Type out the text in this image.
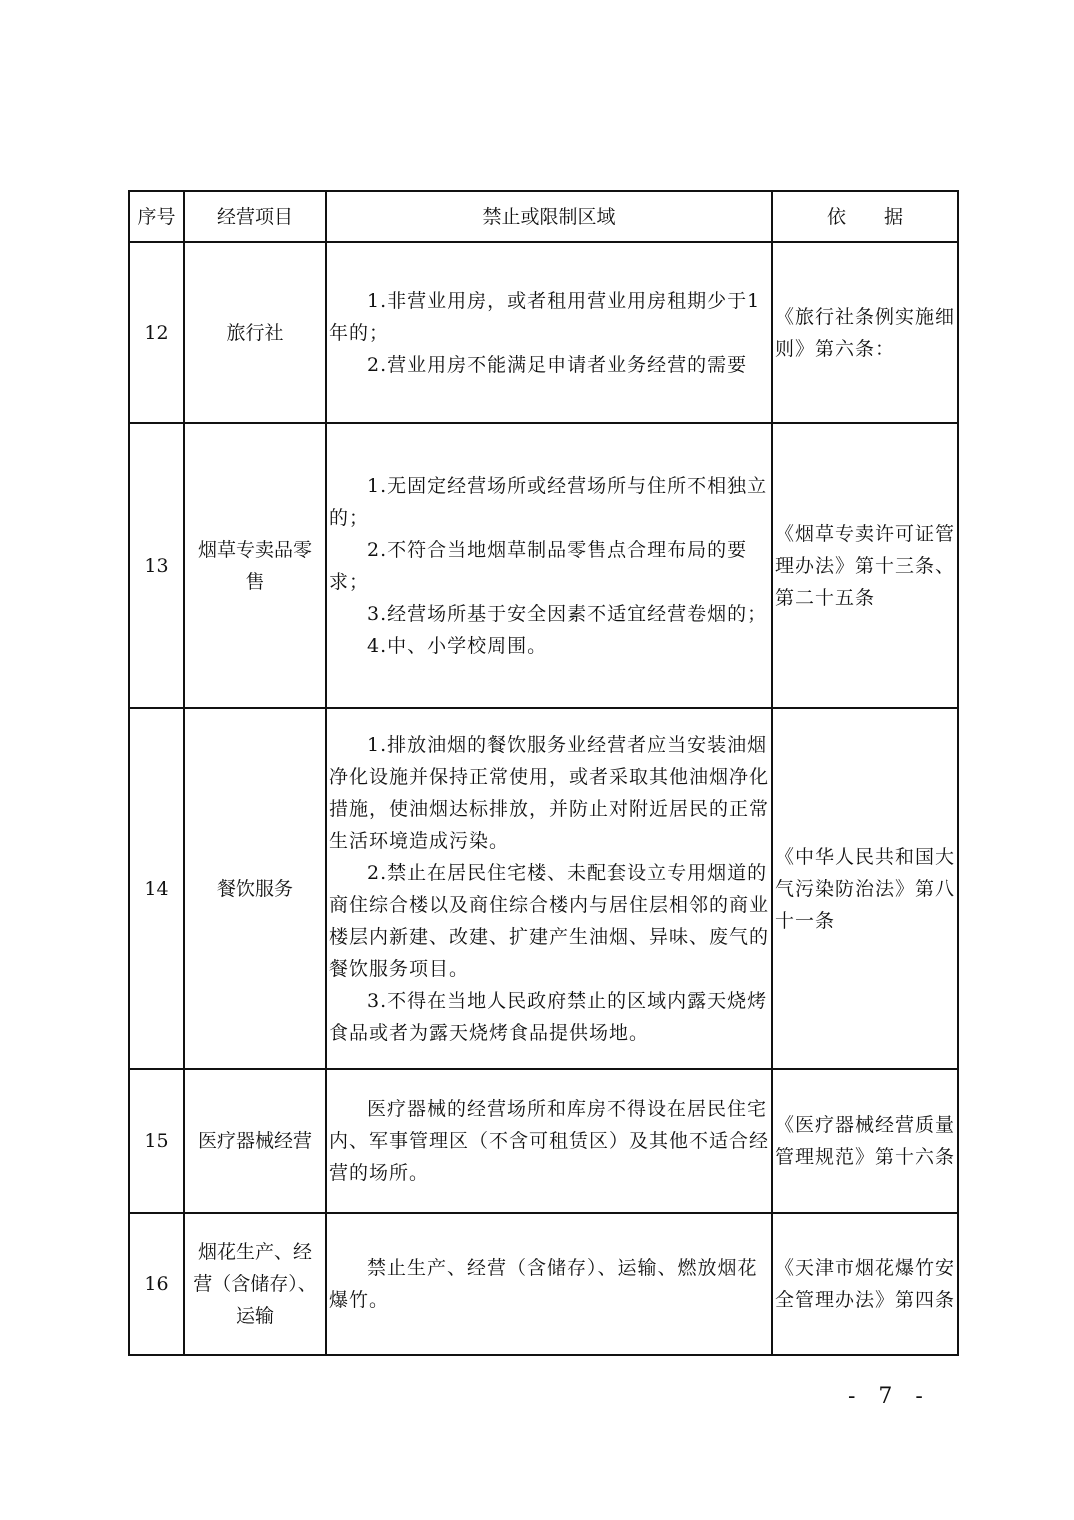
序号	经营项目	禁止或限制区域	依　　据
12	旅行社	1.非营业用房，或者租用营业用房租期少于1年的；

2.营业用房不能满足申请者业务经营的需要	《旅行社条例实施细则》第六条：
13	烟草专卖品零售	1.无固定经营场所或经营场所与住所不相独立的；

2.不符合当地烟草制品零售点合理布局的要求；

3.经营场所基于安全因素不适宜经营卷烟的；

4.中、小学校周围。	《烟草专卖许可证管理办法》第十三条、第二十五条
14	餐饮服务	1.排放油烟的餐饮服务业经营者应当安装油烟净化设施并保持正常使用，或者采取其他油烟净化措施，使油烟达标排放，并防止对附近居民的正常生活环境造成污染。

2.禁止在居民住宅楼、未配套设立专用烟道的商住综合楼以及商住综合楼内与居住层相邻的商业楼层内新建、改建、扩建产生油烟、异味、废气的餐饮服务项目。

3.不得在当地人民政府禁止的区域内露天烧烤食品或者为露天烧烤食品提供场地。	《中华人民共和国大气污染防治法》第八十一条
15	医疗器械经营	医疗器械的经营场所和库房不得设在居民住宅内、军事管理区（不含可租赁区）及其他不适合经营的场所。	《医疗器械经营质量管理规范》第十六条
16	烟花生产、经营（含储存）、运输	禁止生产、经营（含储存）、运输、燃放烟花爆竹。	《天津市烟花爆竹安全管理办法》第四条
- 7 -
